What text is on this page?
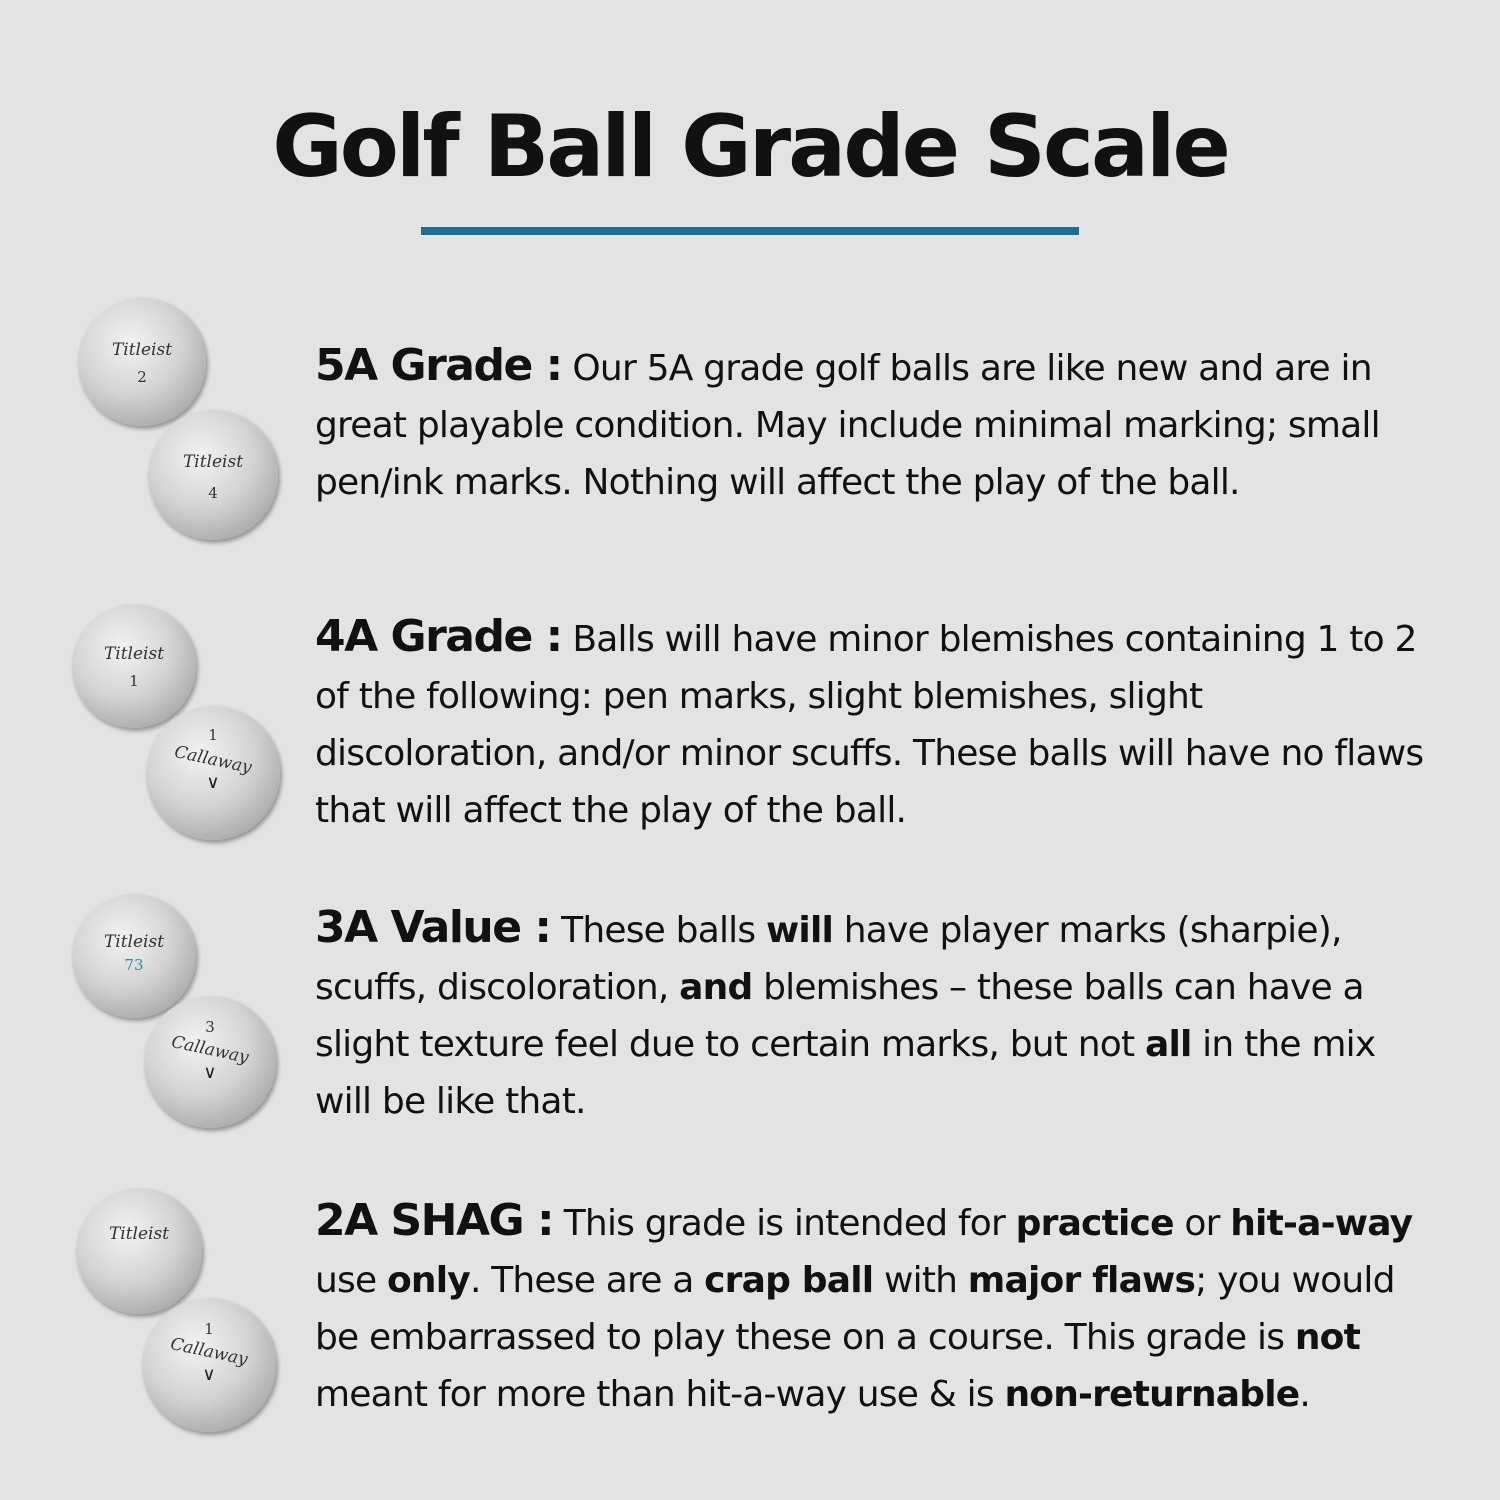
Golf Ball Grade Scale
Titleist
2
Titleist
4

5A Grade : Our 5A grade golf balls are like new and are in great playable condition. May include minimal marking; small pen/ink marks. Nothing will affect the play of the ball.

Titleist
1
1
Callaway
∨

4A Grade : Balls will have minor blemishes containing 1 to 2 of the following: pen marks, slight blemishes, slight discoloration, and/or minor scuffs. These balls will have no flaws that will affect the play of the ball.

Titleist
73
3
Callaway
∨

3A Value : These balls will have player marks (sharpie), scuffs, discoloration, and blemishes – these balls can have a slight texture feel due to certain marks, but not all in the mix will be like that.

Titleist
1
Callaway
∨

2A SHAG : This grade is intended for practice or hit-a-way use only. These are a crap ball with major flaws; you would be embarrassed to play these on a course. This grade is not meant for more than hit-a-way use & is non-returnable.
